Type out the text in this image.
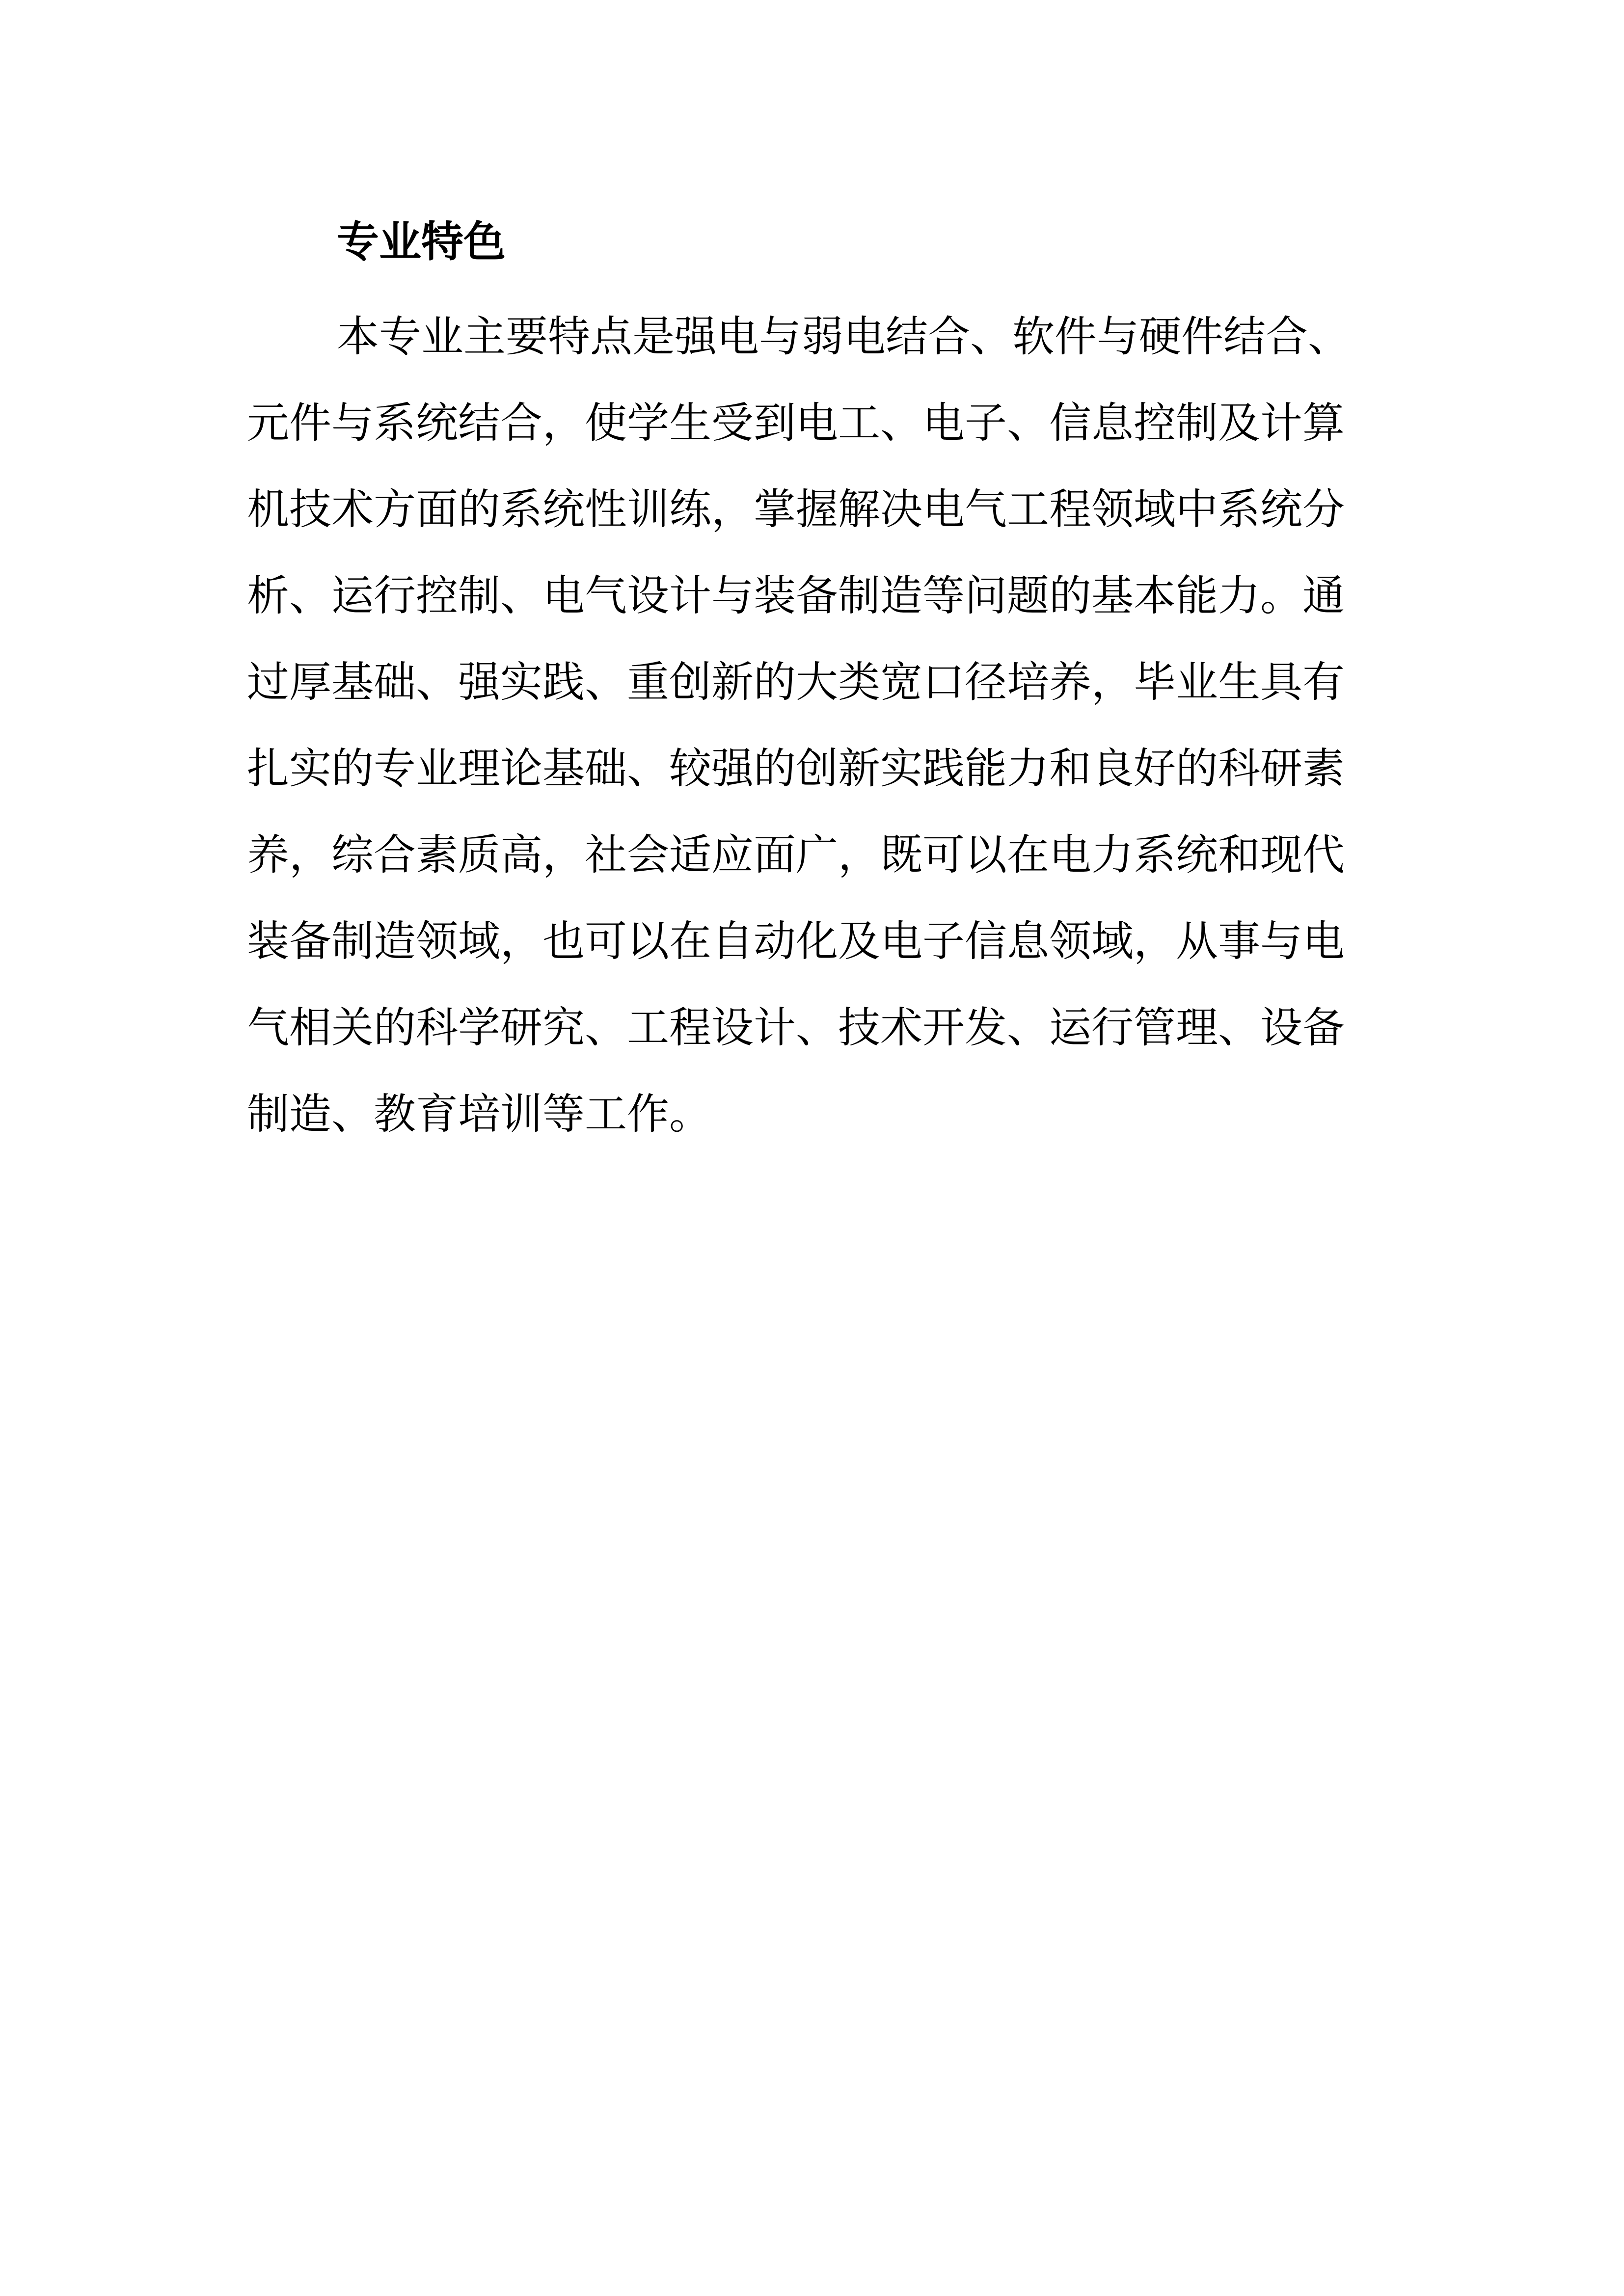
专业特色
本专业主要特点是强电与弱电结合、软件与硬件结合、
元件与系统结合，使学生受到电工、电子、信息控制及计算
机技术方面的系统性训练，掌握解决电气工程领域中系统分
析、运行控制、电气设计与装备制造等问题的基本能力。通
过厚基础、强实践、重创新的大类宽口径培养，毕业生具有
扎实的专业理论基础、较强的创新实践能力和良好的科研素
养，综合素质高，社会适应面广，既可以在电力系统和现代
装备制造领域，也可以在自动化及电子信息领域，从事与电
气相关的科学研究、工程设计、技术开发、运行管理、设备
制造、教育培训等工作。
